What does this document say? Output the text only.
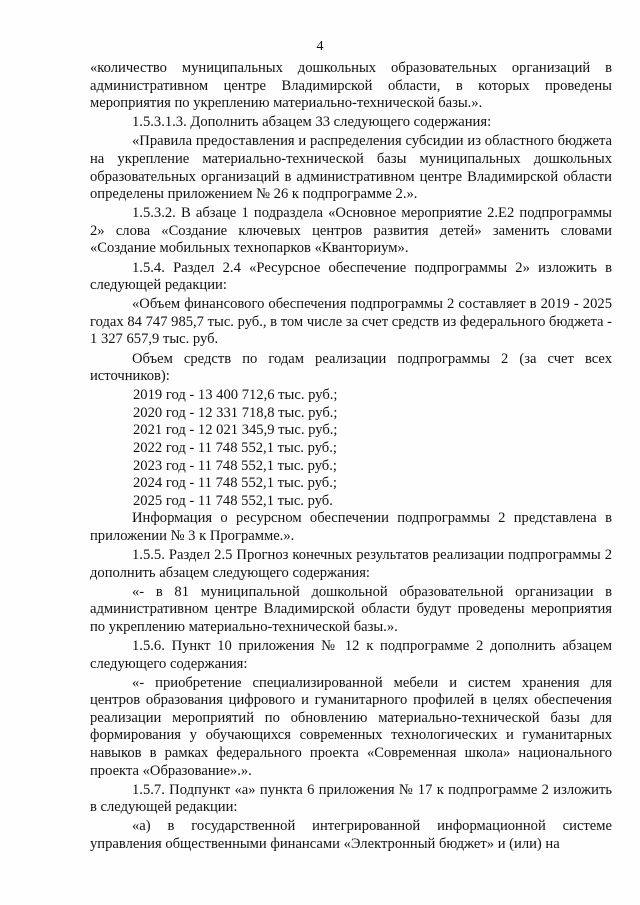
4

«количество муниципальных дошкольных образовательных организаций в административном центре Владимирской области, в которых проведены мероприятия по укреплению материально-технической базы.».

1.5.3.1.3. Дополнить абзацем 33 следующего содержания:

«Правила предоставления и распределения субсидии из областного бюджета на укрепление материально-технической базы муниципальных дошкольных образовательных организаций в административном центре Владимирской области определены приложением № 26 к подпрограмме 2.».

1.5.3.2. В абзаце 1 подраздела «Основное мероприятие 2.Е2 подпрограммы 2» слова «Создание ключевых центров развития детей» заменить словами «Создание мобильных технопарков «Кванториум».

1.5.4. Раздел 2.4 «Ресурсное обеспечение подпрограммы 2» изложить в следующей редакции:

«Объем финансового обеспечения подпрограммы 2 составляет в 2019 - 2025 годах 84 747 985,7 тыс. руб., в том числе за счет средств из федерального бюджета - 1 327 657,9 тыс. руб.

Объем средств по годам реализации подпрограммы 2 (за счет всех источников):

2019 год - 13 400 712,6 тыс. руб.;

2020 год - 12 331 718,8 тыс. руб.;

2021 год - 12 021 345,9 тыс. руб.;

2022 год - 11 748 552,1 тыс. руб.;

2023 год - 11 748 552,1 тыс. руб.;

2024 год - 11 748 552,1 тыс. руб.;

2025 год - 11 748 552,1 тыс. руб.

Информация о ресурсном обеспечении подпрограммы 2 представлена в приложении № 3 к Программе.».

1.5.5. Раздел 2.5 Прогноз конечных результатов реализации подпрограммы 2 дополнить абзацем следующего содержания:

«- в 81 муниципальной дошкольной образовательной организации в административном центре Владимирской области будут проведены мероприятия по укреплению материально-технической базы.».

1.5.6. Пункт 10 приложения № 12 к подпрограмме 2 дополнить абзацем следующего содержания:

«- приобретение специализированной мебели и систем хранения для центров образования цифрового и гуманитарного профилей в целях обеспечения реализации мероприятий по обновлению материально-технической базы для формирования у обучающихся современных технологических и гуманитарных навыков в рамках федерального проекта «Современная школа» национального проекта «Образование».».

1.5.7. Подпункт «а» пункта 6 приложения № 17 к подпрограмме 2 изложить в следующей редакции:

«а) в государственной интегрированной информационной системе управления общественными финансами «Электронный бюджет» и (или) на
